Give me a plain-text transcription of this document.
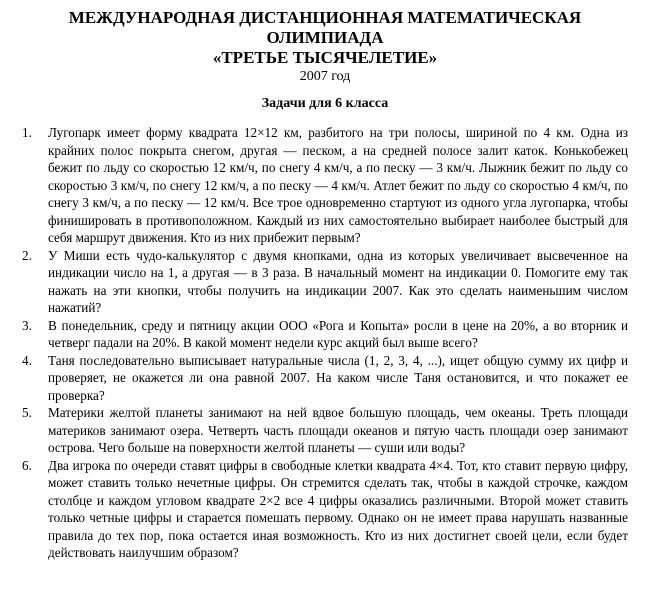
МЕЖДУНАРОДНАЯ ДИСТАНЦИОННАЯ МАТЕМАТИЧЕСКАЯ

ОЛИМПИАДА

«ТРЕТЬЕ ТЫСЯЧЕЛЕТИЕ»

2007 год

Задачи для 6 класса

1. Лугопарк имеет форму квадрата 12×12 км, разбитого на три полосы, шириной по 4 км. Одна из крайних полос покрыта снегом, другая — песком, а на средней полосе залит каток. Конькобежец бежит по льду со скоростью 12 км/ч, по снегу 4 км/ч, а по песку — 3 км/ч. Лыжник бежит по льду со скоростью 3 км/ч, по снегу 12 км/ч, а по песку — 4 км/ч. Атлет бежит по льду со скоростью 4 км/ч, по снегу 3 км/ч, а по песку — 12 км/ч. Все трое одновременно стартуют из одного угла лугопарка, чтобы финишировать в противоположном. Каждый из них самостоятельно выбирает наиболее быстрый для себя маршрут движения. Кто из них прибежит первым?
2. У Миши есть чудо-калькулятор с двумя кнопками, одна из которых увеличивает высвеченное на индикации число на 1, а другая — в 3 раза. В начальный момент на индикации 0. Помогите ему так нажать на эти кнопки, чтобы получить на индикации 2007. Как это сделать наименьшим числом нажатий?
3. В понедельник, среду и пятницу акции ООО «Рога и Копыта» росли в цене на 20%, а во вторник и четверг падали на 20%. В какой момент недели курс акций был выше всего?
4. Таня последовательно выписывает натуральные числа (1, 2, 3, 4, ...), ищет общую сумму их цифр и проверяет, не окажется ли она равной 2007. На каком числе Таня остановится, и что покажет ее проверка?
5. Материки желтой планеты занимают на ней вдвое большую площадь, чем океаны. Треть площади материков занимают озера. Четверть часть площади океанов и пятую часть площади озер занимают острова. Чего больше на поверхности желтой планеты — суши или воды?
6. Два игрока по очереди ставят цифры в свободные клетки квадрата 4×4. Тот, кто ставит первую цифру, может ставить только нечетные цифры. Он стремится сделать так, чтобы в каждой строчке, каждом столбце и каждом угловом квадрате 2×2 все 4 цифры оказались различными. Второй может ставить только четные цифры и старается помешать первому. Однако он не имеет права нарушать названные правила до тех пор, пока остается иная возможность. Кто из них достигнет своей цели, если будет действовать наилучшим образом?
